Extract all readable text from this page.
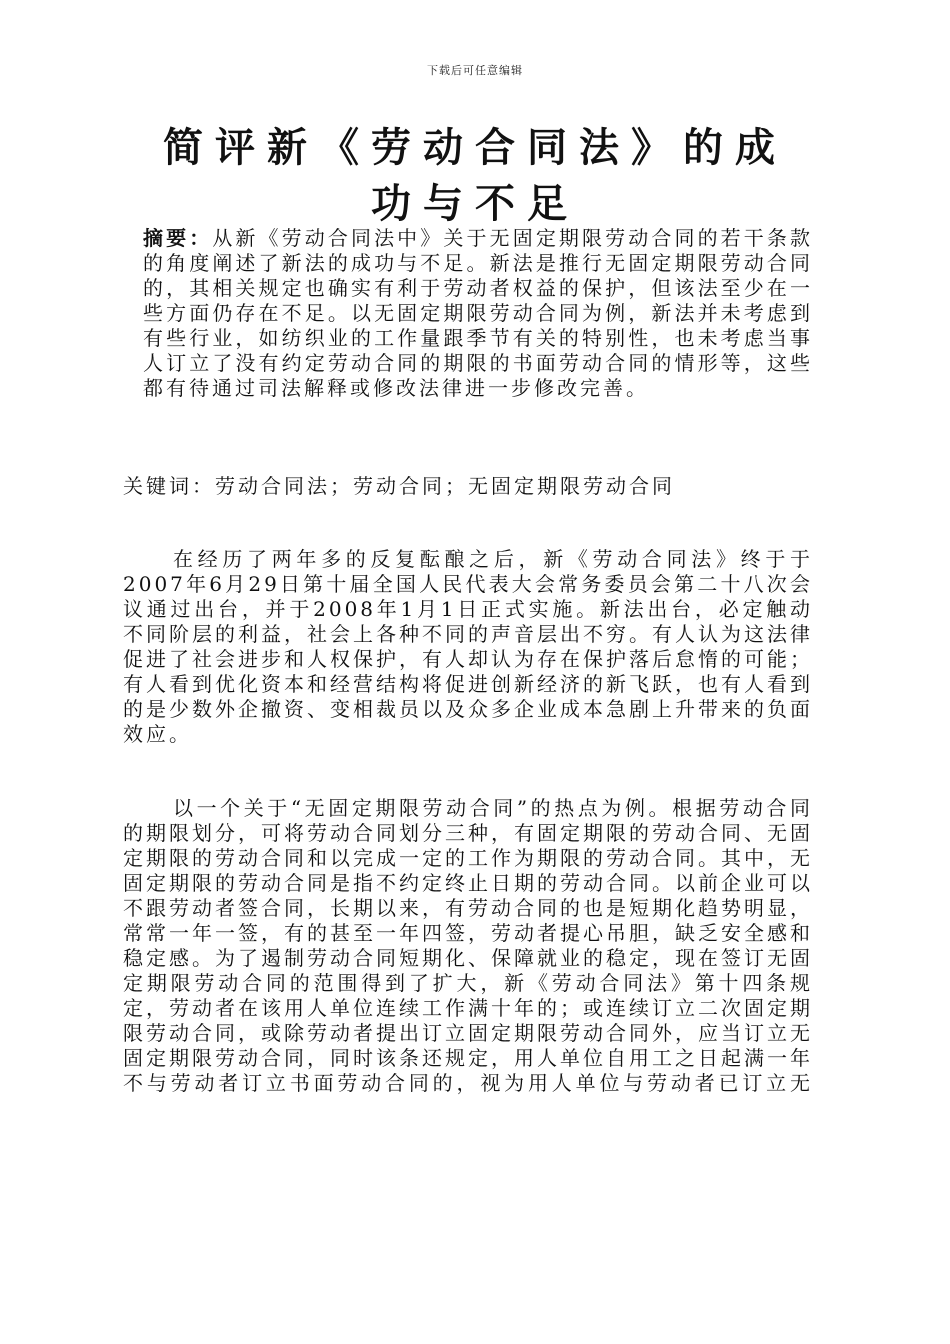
下载后可任意编辑
简评新《劳动合同法》的成功与不足

摘要：从新《劳动合同法中》关于无固定期限劳动合同的若干条款的角度阐述了新法的成功与不足。新法是推行无固定期限劳动合同的，其相关规定也确实有利于劳动者权益的保护，但该法至少在一些方面仍存在不足。以无固定期限劳动合同为例，新法并未考虑到有些行业，如纺织业的工作量跟季节有关的特别性，也未考虑当事人订立了没有约定劳动合同的期限的书面劳动合同的情形等，这些都有待通过司法解释或修改法律进一步修改完善。

关键词：劳动合同法；劳动合同；无固定期限劳动合同

在经历了两年多的反复酝酿之后，新《劳动合同法》终于于2007年6月29日第十届全国人民代表大会常务委员会第二十八次会议通过出台，并于2008年1月1日正式实施。新法出台，必定触动不同阶层的利益，社会上各种不同的声音层出不穷。有人认为这法律促进了社会进步和人权保护，有人却认为存在保护落后怠惰的可能；有人看到优化资本和经营结构将促进创新经济的新飞跃，也有人看到的是少数外企撤资、变相裁员以及众多企业成本急剧上升带来的负面效应。

以一个关于“无固定期限劳动合同”的热点为例。根据劳动合同的期限划分，可将劳动合同划分三种，有固定期限的劳动合同、无固定期限的劳动合同和以完成一定的工作为期限的劳动合同。其中，无固定期限的劳动合同是指不约定终止日期的劳动合同。以前企业可以不跟劳动者签合同，长期以来，有劳动合同的也是短期化趋势明显，常常一年一签，有的甚至一年四签，劳动者提心吊胆，缺乏安全感和稳定感。为了遏制劳动合同短期化、保障就业的稳定，现在签订无固定期限劳动合同的范围得到了扩大，新《劳动合同法》第十四条规定，劳动者在该用人单位连续工作满十年的；或连续订立二次固定期限劳动合同，或除劳动者提出订立固定期限劳动合同外，应当订立无固定期限劳动合同，同时该条还规定，用人单位自用工之日起满一年不与劳动者订立书面劳动合同的，视为用人单位与劳动者已订立无
